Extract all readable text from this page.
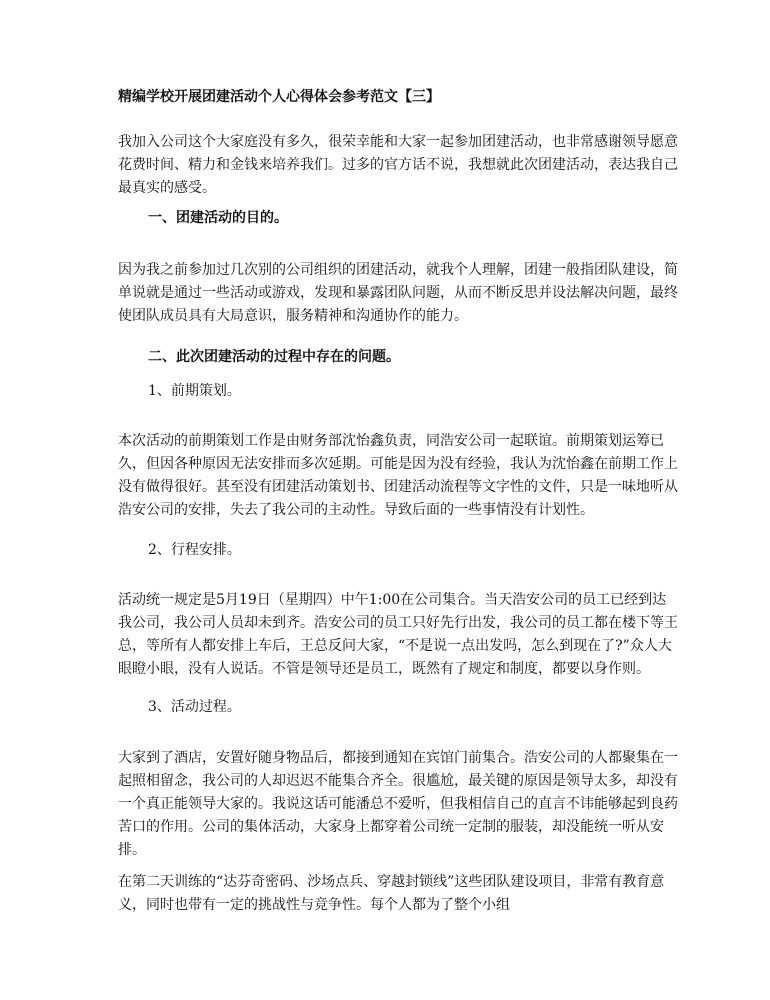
精编学校开展团建活动个人心得体会参考范文【三】

我加入公司这个大家庭没有多久，很荣幸能和大家一起参加团建活动，也非常感谢领导愿意花费时间、精力和金钱来培养我们。过多的官方话不说，我想就此次团建活动，表达我自己最真实的感受。

一、团建活动的目的。

因为我之前参加过几次别的公司组织的团建活动，就我个人理解，团建一般指团队建设，简单说就是通过一些活动或游戏，发现和暴露团队问题，从而不断反思并设法解决问题，最终使团队成员具有大局意识，服务精神和沟通协作的能力。

二、此次团建活动的过程中存在的问题。

1、前期策划。

本次活动的前期策划工作是由财务部沈怡鑫负责，同浩安公司一起联谊。前期策划运筹已久，但因各种原因无法安排而多次延期。可能是因为没有经验，我认为沈怡鑫在前期工作上没有做得很好。甚至没有团建活动策划书、团建活动流程等文字性的文件，只是一味地听从浩安公司的安排，失去了我公司的主动性。导致后面的一些事情没有计划性。

2、行程安排。

活动统一规定是5月19日（星期四）中午1:00在公司集合。当天浩安公司的员工已经到达我公司，我公司人员却未到齐。浩安公司的员工只好先行出发，我公司的员工都在楼下等王总，等所有人都安排上车后，王总反问大家，“不是说一点出发吗，怎么到现在了?”众人大眼瞪小眼，没有人说话。不管是领导还是员工，既然有了规定和制度，都要以身作则。

3、活动过程。

大家到了酒店，安置好随身物品后，都接到通知在宾馆门前集合。浩安公司的人都聚集在一起照相留念，我公司的人却迟迟不能集合齐全。很尴尬，最关键的原因是领导太多，却没有一个真正能领导大家的。我说这话可能潘总不爱听，但我相信自己的直言不讳能够起到良药苦口的作用。公司的集体活动，大家身上都穿着公司统一定制的服装，却没能统一听从安排。

在第二天训练的“达芬奇密码、沙场点兵、穿越封锁线”这些团队建设项目，非常有教育意义，同时也带有一定的挑战性与竞争性。每个人都为了整个小组
